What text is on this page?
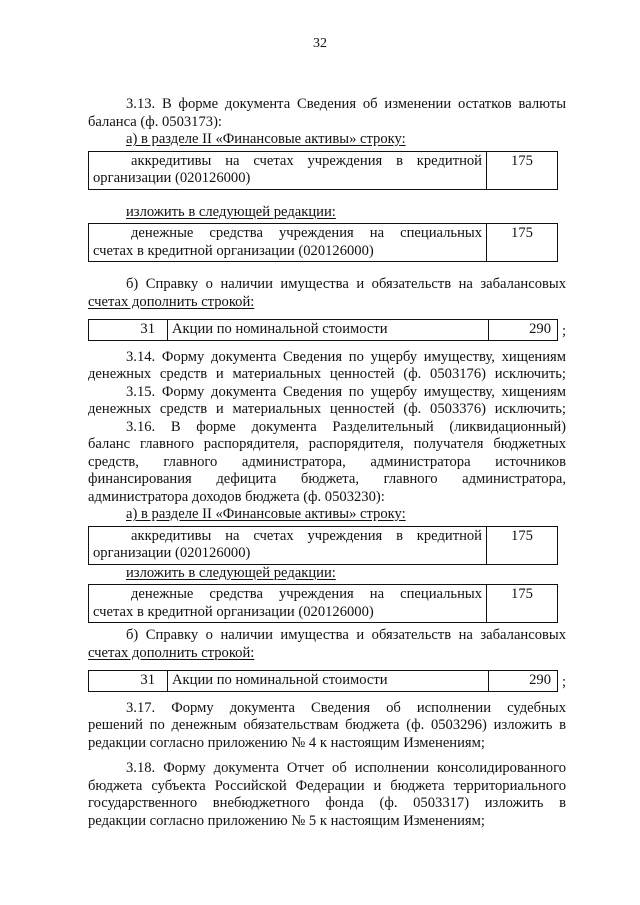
32

3.13. В форме документа Сведения об изменении остатков валюты

баланса (ф. 0503173):

а) в разделе II «Финансовые активы» строку:

аккредитивы на счетах учреждения в кредитной
организации (020126000)
	175

изложить в следующей редакции:

денежные средства учреждения на специальных
счетах в кредитной организации (020126000)
	175

б) Справку о наличии имущества и обязательств на забалансовых

счетах дополнить строкой:

31	Акции по номинальной стоимости	290 ;

3.14. Форму документа Сведения по ущербу имуществу, хищениям

денежных средств и материальных ценностей (ф. 0503176) исключить;

3.15. Форму документа Сведения по ущербу имуществу, хищениям

денежных средств и материальных ценностей (ф. 0503376) исключить;

3.16. В форме документа Разделительный (ликвидационный)

баланс главного распорядителя, распорядителя, получателя бюджетных

средств, главного администратора, администратора источников

финансирования дефицита бюджета, главного администратора,

администратора доходов бюджета (ф. 0503230):

а) в разделе II «Финансовые активы» строку:

аккредитивы на счетах учреждения в кредитной
организации (020126000)
	175

изложить в следующей редакции:

денежные средства учреждения на специальных
счетах в кредитной организации (020126000)
	175

б) Справку о наличии имущества и обязательств на забалансовых

счетах дополнить строкой:

31	Акции по номинальной стоимости	290 ;

3.17. Форму документа Сведения об исполнении судебных

решений по денежным обязательствам бюджета (ф. 0503296) изложить в

редакции согласно приложению № 4 к настоящим Изменениям;

3.18. Форму документа Отчет об исполнении консолидированного

бюджета субъекта Российской Федерации и бюджета территориального

государственного внебюджетного фонда (ф. 0503317) изложить в

редакции согласно приложению № 5 к настоящим Изменениям;
